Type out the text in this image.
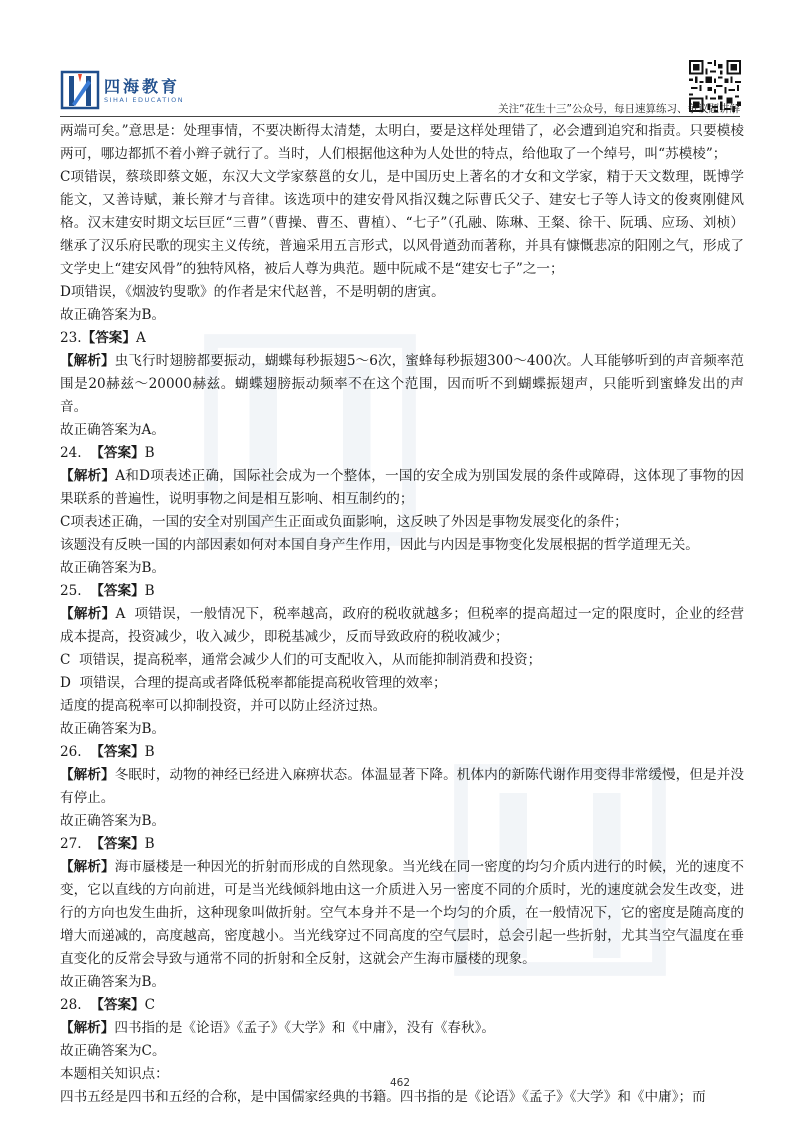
四海教育
SIHAI EDUCATION
关注“花生十三”公众号，每日速算练习、争议题讲解

两端可矣。”意思是：处理事情，不要决断得太清楚，太明白，要是这样处理错了，必会遭到追究和指责。只要模棱两可，哪边都抓不着小辫子就行了。当时，人们根据他这种为人处世的特点，给他取了一个绰号，叫“苏模棱”；

C项错误，蔡琰即蔡文姬，东汉大文学家蔡邕的女儿，是中国历史上著名的才女和文学家，精于天文数理，既博学能文，又善诗赋，兼长辩才与音律。该选项中的建安骨风指汉魏之际曹氏父子、建安七子等人诗文的俊爽刚健风格。汉末建安时期文坛巨匠“三曹”（曹操、曹丕、曹植）、“七子”（孔融、陈琳、王粲、徐干、阮瑀、应玚、刘桢）继承了汉乐府民歌的现实主义传统，普遍采用五言形式，以风骨遒劲而著称，并具有慷慨悲凉的阳刚之气，形成了文学史上“建安风骨”的独特风格，被后人尊为典范。题中阮咸不是“建安七子”之一；

D项错误，《烟波钓叟歌》的作者是宋代赵普，不是明朝的唐寅。

故正确答案为B。

23.【答案】A

【解析】虫飞行时翅膀都要振动，蝴蝶每秒振翅5～6次，蜜蜂每秒振翅300～400次。人耳能够听到的声音频率范围是20赫兹～20000赫兹。蝴蝶翅膀振动频率不在这个范围，因而听不到蝴蝶振翅声，只能听到蜜蜂发出的声音。

故正确答案为A。

24.  【答案】B

【解析】A和D项表述正确，国际社会成为一个整体，一国的安全成为别国发展的条件或障碍，这体现了事物的因果联系的普遍性，说明事物之间是相互影响、相互制约的；

C项表述正确，一国的安全对别国产生正面或负面影响，这反映了外因是事物发展变化的条件；

该题没有反映一国的内部因素如何对本国自身产生作用，因此与内因是事物变化发展根据的哲学道理无关。

故正确答案为B。

25.  【答案】B

【解析】A  项错误，一般情况下，税率越高，政府的税收就越多；但税率的提高超过一定的限度时，企业的经营成本提高，投资减少，收入减少，即税基减少，反而导致政府的税收减少；

C  项错误，提高税率，通常会减少人们的可支配收入，从而能抑制消费和投资；

D  项错误，合理的提高或者降低税率都能提高税收管理的效率；

适度的提高税率可以抑制投资，并可以防止经济过热。

故正确答案为B。

26.  【答案】B

【解析】冬眠时，动物的神经已经进入麻痹状态。体温显著下降。机体内的新陈代谢作用变得非常缓慢，但是并没有停止。

故正确答案为B。

27.  【答案】B

【解析】海市蜃楼是一种因光的折射而形成的自然现象。当光线在同一密度的均匀介质内进行的时候，光的速度不变，它以直线的方向前进，可是当光线倾斜地由这一介质进入另一密度不同的介质时，光的速度就会发生改变，进行的方向也发生曲折，这种现象叫做折射。空气本身并不是一个均匀的介质，在一般情况下，它的密度是随高度的增大而递减的，高度越高，密度越小。当光线穿过不同高度的空气层时，总会引起一些折射，尤其当空气温度在垂直变化的反常会导致与通常不同的折射和全反射，这就会产生海市蜃楼的现象。

故正确答案为B。

28.  【答案】C

【解析】四书指的是《论语》《孟子》《大学》和《中庸》，没有《春秋》。

故正确答案为C。

本题相关知识点：

四书五经是四书和五经的合称，是中国儒家经典的书籍。四书指的是《论语》《孟子》《大学》和《中庸》；而

462
